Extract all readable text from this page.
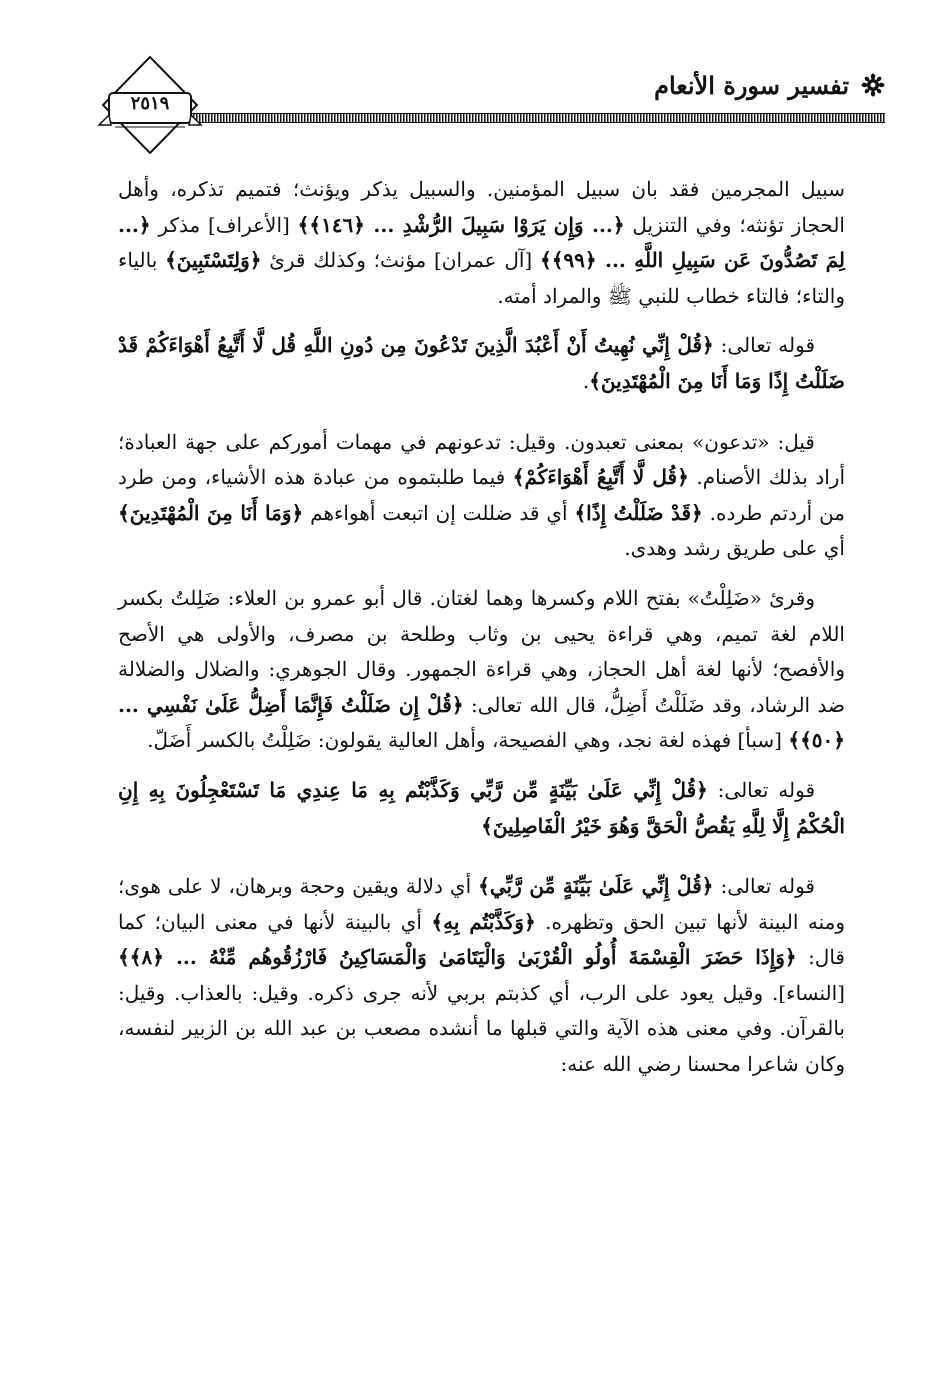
تفسير سورة الأنعام
٢٥١٩

سبيل المجرمين فقد بان سبيل المؤمنين. والسبيل يذكر ويؤنث؛ فتميم تذكره، وأهل الحجاز تؤنثه؛ وفي التنزيل ﴿... وَإِن يَرَوْا سَبِيلَ الرُّشْدِ ... ﴿١٤٦﴾﴾ [الأعراف] مذكر ﴿... لِمَ تَصُدُّونَ عَن سَبِيلِ اللَّهِ ... ﴿٩٩﴾﴾ [آل عمران] مؤنث؛ وكذلك قرئ ﴿وَلِتَسْتَبِينَ﴾ بالياء والتاء؛ فالتاء خطاب للنبي ﷺ والمراد أمته.

قوله تعالى: ﴿قُلْ إِنِّي نُهِيتُ أَنْ أَعْبُدَ الَّذِينَ تَدْعُونَ مِن دُونِ اللَّهِ قُل لَّا أَتَّبِعُ أَهْوَاءَكُمْ قَدْ ضَلَلْتُ إِذًا وَمَا أَنَا مِنَ الْمُهْتَدِينَ﴾.

قيل: «تدعون» بمعنى تعبدون. وقيل: تدعونهم في مهمات أموركم على جهة العبادة؛ أراد بذلك الأصنام. ﴿قُل لَّا أَتَّبِعُ أَهْوَاءَكُمْ﴾ فيما طلبتموه من عبادة هذه الأشياء، ومن طرد من أردتم طرده. ﴿قَدْ ضَلَلْتُ إِذًا﴾ أي قد ضللت إن اتبعت أهواءهم ﴿وَمَا أَنَا مِنَ الْمُهْتَدِينَ﴾ أي على طريق رشد وهدى.

وقرئ «ضَلِلْتُ» بفتح اللام وكسرها وهما لغتان. قال أبو عمرو بن العلاء: ضَلِلتُ بكسر اللام لغة تميم، وهي قراءة يحيى بن وثاب وطلحة بن مصرف، والأولى هي الأصح والأفصح؛ لأنها لغة أهل الحجاز، وهي قراءة الجمهور. وقال الجوهري: والضلال والضلالة ضد الرشاد، وقد ضَلَلْتُ أَضِلُّ، قال الله تعالى: ﴿قُلْ إِن ضَلَلْتُ فَإِنَّمَا أَضِلُّ عَلَىٰ نَفْسِي ... ﴿٥٠﴾﴾ [سبأ] فهذه لغة نجد، وهي الفصيحة، وأهل العالية يقولون: ضَلِلْتُ بالكسر أَضَلّ.

قوله تعالى: ﴿قُلْ إِنِّي عَلَىٰ بَيِّنَةٍ مِّن رَّبِّي وَكَذَّبْتُم بِهِ مَا عِندِي مَا تَسْتَعْجِلُونَ بِهِ إِنِ الْحُكْمُ إِلَّا لِلَّهِ يَقُصُّ الْحَقَّ وَهُوَ خَيْرُ الْفَاصِلِينَ﴾

قوله تعالى: ﴿قُلْ إِنِّي عَلَىٰ بَيِّنَةٍ مِّن رَّبِّي﴾ أي دلالة ويقين وحجة وبرهان، لا على هوى؛ ومنه البينة لأنها تبين الحق وتظهره. ﴿وَكَذَّبْتُم بِهِ﴾ أي بالبينة لأنها في معنى البيان؛ كما قال: ﴿وَإِذَا حَضَرَ الْقِسْمَةَ أُولُو الْقُرْبَىٰ وَالْيَتَامَىٰ وَالْمَسَاكِينُ فَارْزُقُوهُم مِّنْهُ ... ﴿٨﴾﴾ [النساء]. وقيل يعود على الرب، أي كذبتم بربي لأنه جرى ذكره. وقيل: بالعذاب. وقيل: بالقرآن. وفي معنى هذه الآية والتي قبلها ما أنشده مصعب بن عبد الله بن الزبير لنفسه، وكان شاعرا محسنا رضي الله عنه:
